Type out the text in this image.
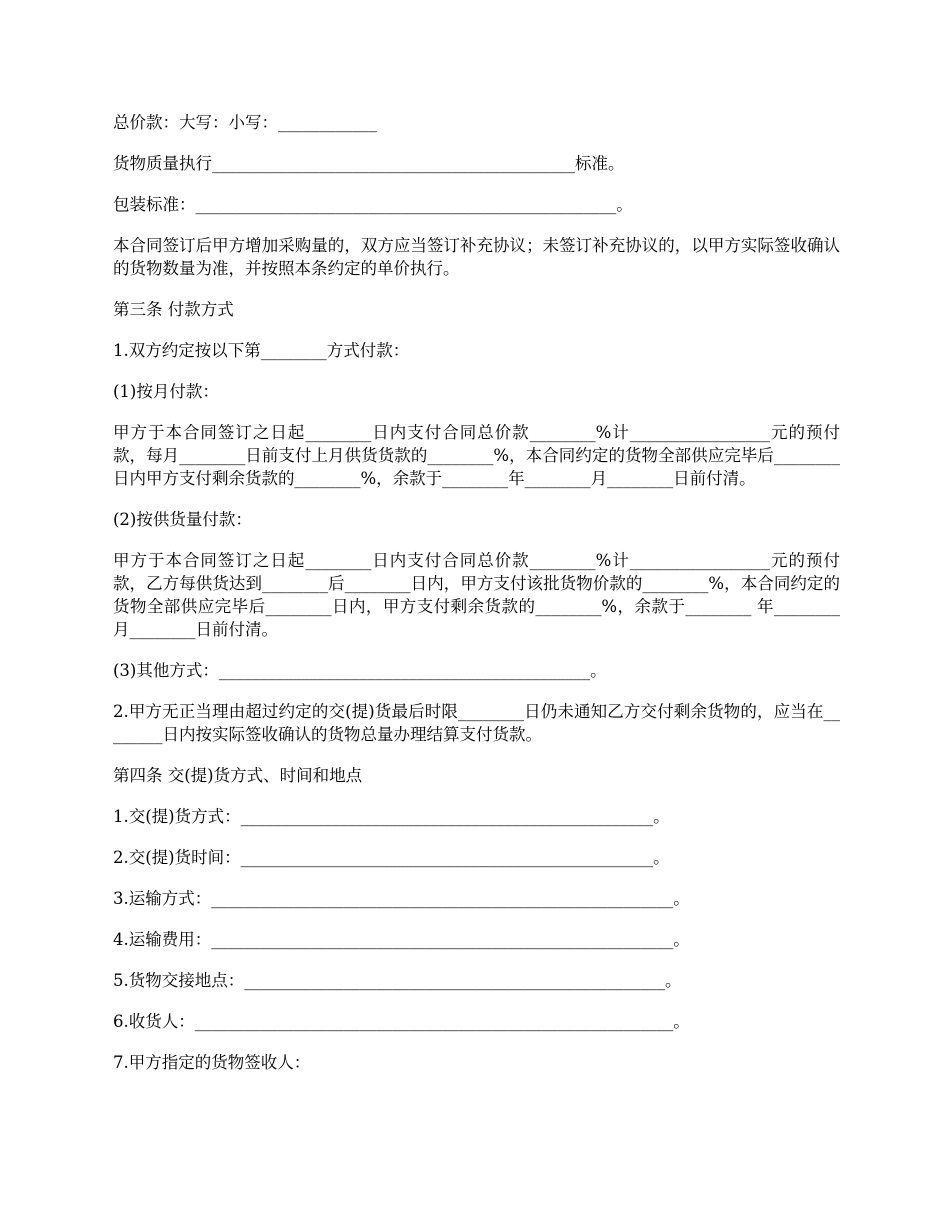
总价款：大写：小写：____________

货物质量执行____________________________________________标准。

包装标准：___________________________________________________。

本合同签订后甲方增加采购量的，双方应当签订补充协议；未签订补充协议的，以甲方实际签收确认的货物数量为准，并按照本条约定的单价执行。

第三条 付款方式

1.双方约定按以下第________方式付款：

(1)按月付款：

甲方于本合同签订之日起________日内支付合同总价款________%计_________________元的预付款，每月________日前支付上月供货货款的________%，本合同约定的货物全部供应完毕后________日内甲方支付剩余货款的________%，余款于________年________月________日前付清。

(2)按供货量付款：

甲方于本合同签订之日起________日内支付合同总价款________%计_________________元的预付款，乙方每供货达到________后________日内，甲方支付该批货物价款的________%，本合同约定的货物全部供应完毕后________日内，甲方支付剩余货款的________%，余款于________ 年________月________日前付清。

(3)其他方式：_____________________________________________。

2.甲方无正当理由超过约定的交(提)货最后时限________日仍未通知乙方交付剩余货物的，应当在________日内按实际签收确认的货物总量办理结算支付货款。

第四条 交(提)货方式、时间和地点

1.交(提)货方式：__________________________________________________。

2.交(提)货时间：__________________________________________________。

3.运输方式：________________________________________________________。

4.运输费用：________________________________________________________。

5.货物交接地点：___________________________________________________。

6.收货人：__________________________________________________________。

7.甲方指定的货物签收人：
